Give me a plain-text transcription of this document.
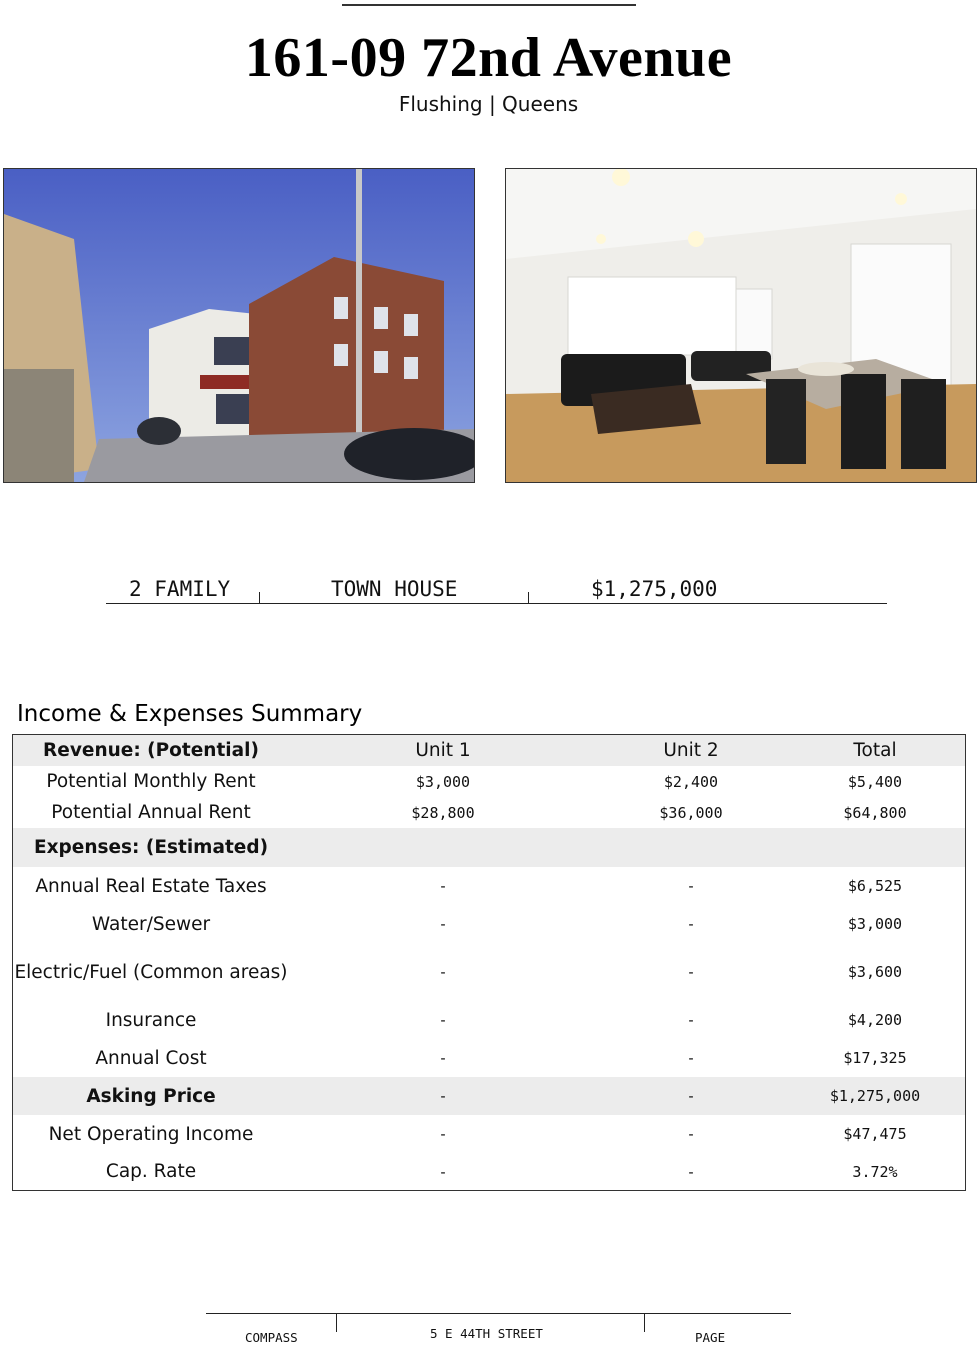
161-09 72nd Avenue
Flushing | Queens
2 FAMILY	TOWN HOUSE	$1,275,000
Income & Expenses Summary
Revenue: (Potential)	Unit 1	Unit 2	Total
Potential Monthly Rent	$3,000	$2,400	$5,400
Potential Annual Rent	$28,800	$36,000	$64,800
Expenses: (Estimated)
Annual Real Estate Taxes	-	-	$6,525
Water/Sewer	-	-	$3,000
Electric/Fuel (Common areas)	-	-	$3,600
Insurance	-	-	$4,200
Annual Cost	-	-	$17,325
Asking Price	-	-	$1,275,000
Net Operating Income	-	-	$47,475
Cap. Rate	-	-	3.72%
COMPASS	5 E 44TH STREET	PAGE
